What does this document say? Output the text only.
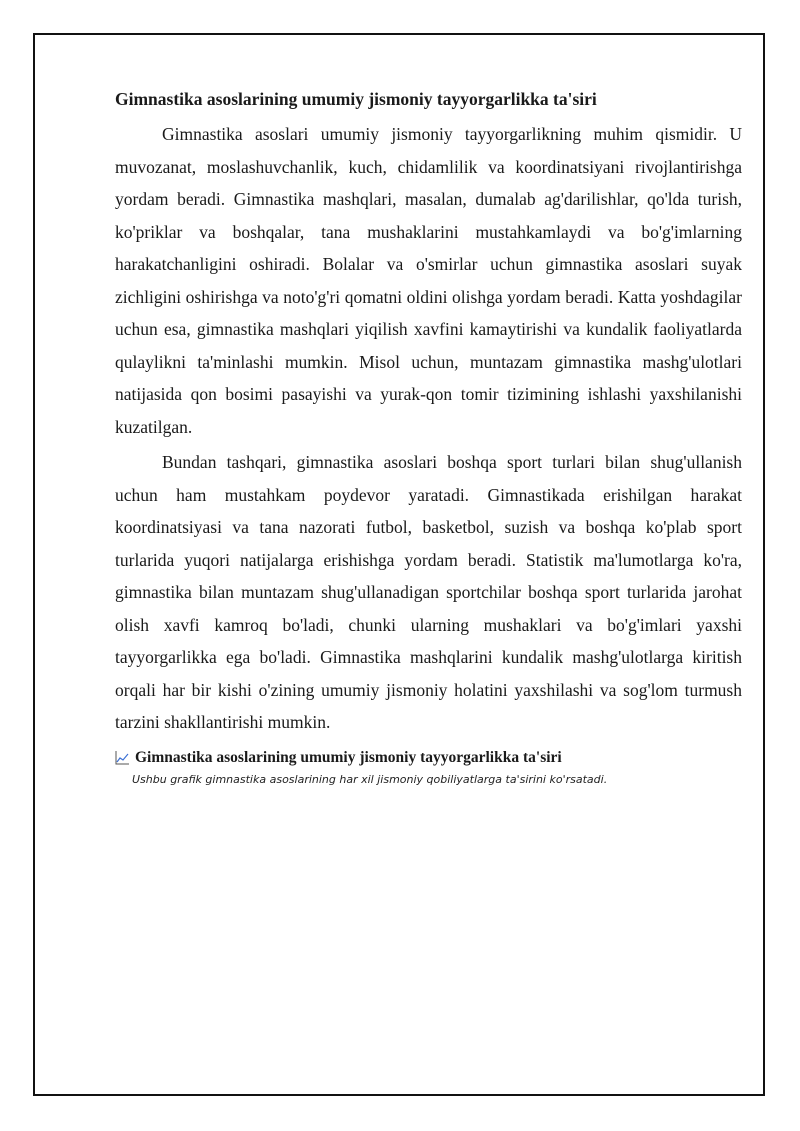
Gimnastika asoslarining umumiy jismoniy tayyorgarlikka ta'siri

Gimnastika asoslari umumiy jismoniy tayyorgarlikning muhim qismidir. U muvozanat, moslashuvchanlik, kuch, chidamlilik va koordinatsiyani rivojlantirishga yordam beradi. Gimnastika mashqlari, masalan, dumalab ag'darilishlar, qo'lda turish, ko'priklar va boshqalar, tana mushaklarini mustahkamlaydi va bo'g'imlarning harakatchanligini oshiradi. Bolalar va o'smirlar uchun gimnastika asoslari suyak zichligini oshirishga va noto'g'ri qomatni oldini olishga yordam beradi. Katta yoshdagilar uchun esa, gimnastika mashqlari yiqilish xavfini kamaytirishi va kundalik faoliyatlarda qulaylikni ta'minlashi mumkin. Misol uchun, muntazam gimnastika mashg'ulotlari natijasida qon bosimi pasayishi va yurak-qon tomir tizimining ishlashi yaxshilanishi kuzatilgan.

Bundan tashqari, gimnastika asoslari boshqa sport turlari bilan shug'ullanish uchun ham mustahkam poydevor yaratadi. Gimnastikada erishilgan harakat koordinatsiyasi va tana nazorati futbol, basketbol, suzish va boshqa ko'plab sport turlarida yuqori natijalarga erishishga yordam beradi. Statistik ma'lumotlarga ko'ra, gimnastika bilan muntazam shug'ullanadigan sportchilar boshqa sport turlarida jarohat olish xavfi kamroq bo'ladi, chunki ularning mushaklari va bo'g'imlari yaxshi tayyorgarlikka ega bo'ladi. Gimnastika mashqlarini kundalik mashg'ulotlarga kiritish orqali har bir kishi o'zining umumiy jismoniy holatini yaxshilashi va sog'lom turmush tarzini shakllantirishi mumkin.

Gimnastika asoslarining umumiy jismoniy tayyorgarlikka ta'siri
Ushbu grafik gimnastika asoslarining har xil jismoniy qobiliyatlarga ta'sirini ko'rsatadi.
